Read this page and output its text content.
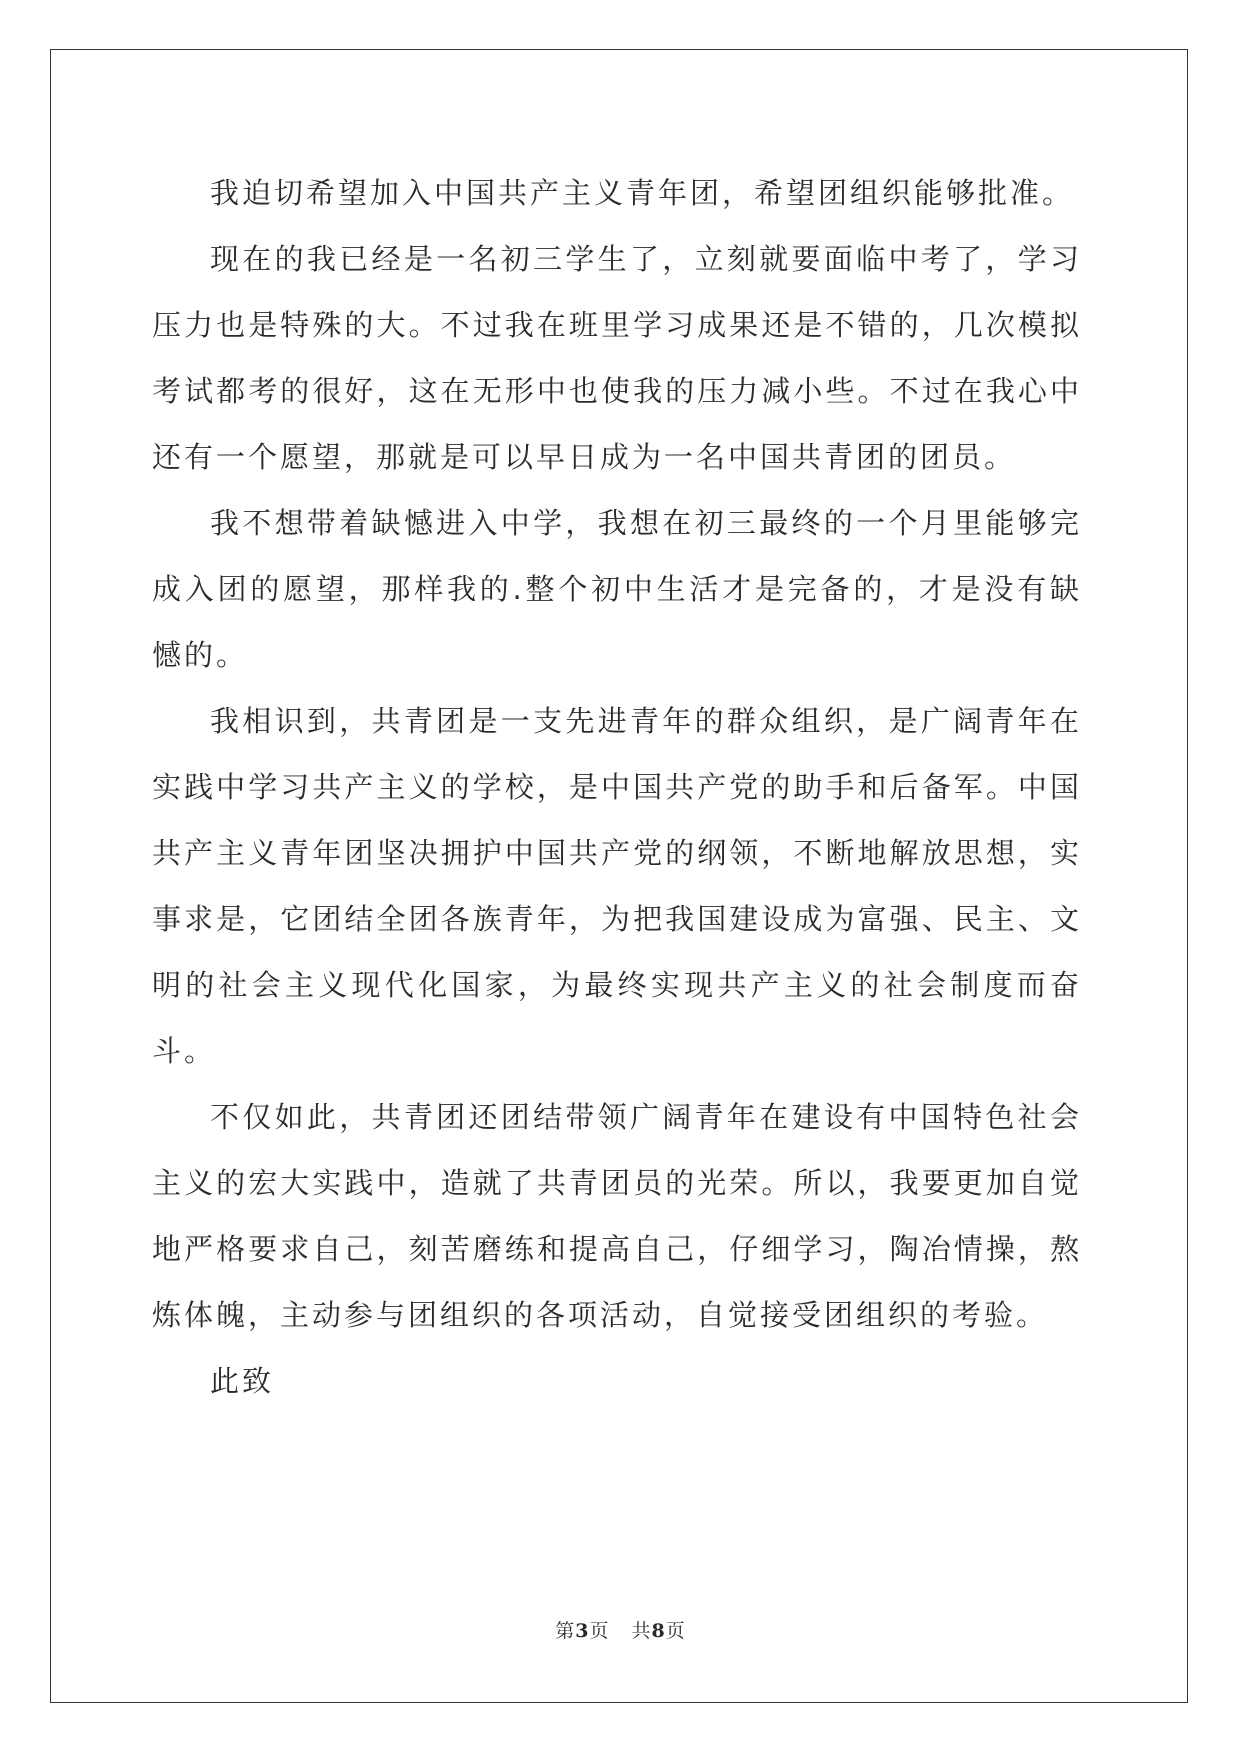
我迫切希望加入中国共产主义青年团，希望团组织能够批准。

现在的我已经是一名初三学生了，立刻就要面临中考了，学习压力也是特殊的大。不过我在班里学习成果还是不错的，几次模拟考试都考的很好，这在无形中也使我的压力减小些。不过在我心中还有一个愿望，那就是可以早日成为一名中国共青团的团员。

我不想带着缺憾进入中学，我想在初三最终的一个月里能够完成入团的愿望，那样我的.整个初中生活才是完备的，才是没有缺憾的。

我相识到，共青团是一支先进青年的群众组织，是广阔青年在实践中学习共产主义的学校，是中国共产党的助手和后备军。中国共产主义青年团坚决拥护中国共产党的纲领，不断地解放思想，实事求是，它团结全团各族青年，为把我国建设成为富强、民主、文明的社会主义现代化国家，为最终实现共产主义的社会制度而奋斗。

不仅如此，共青团还团结带领广阔青年在建设有中国特色社会主义的宏大实践中，造就了共青团员的光荣。所以，我要更加自觉地严格要求自己，刻苦磨练和提高自己，仔细学习，陶冶情操，熬炼体魄，主动参与团组织的各项活动，自觉接受团组织的考验。

此致

第3页 共8页
